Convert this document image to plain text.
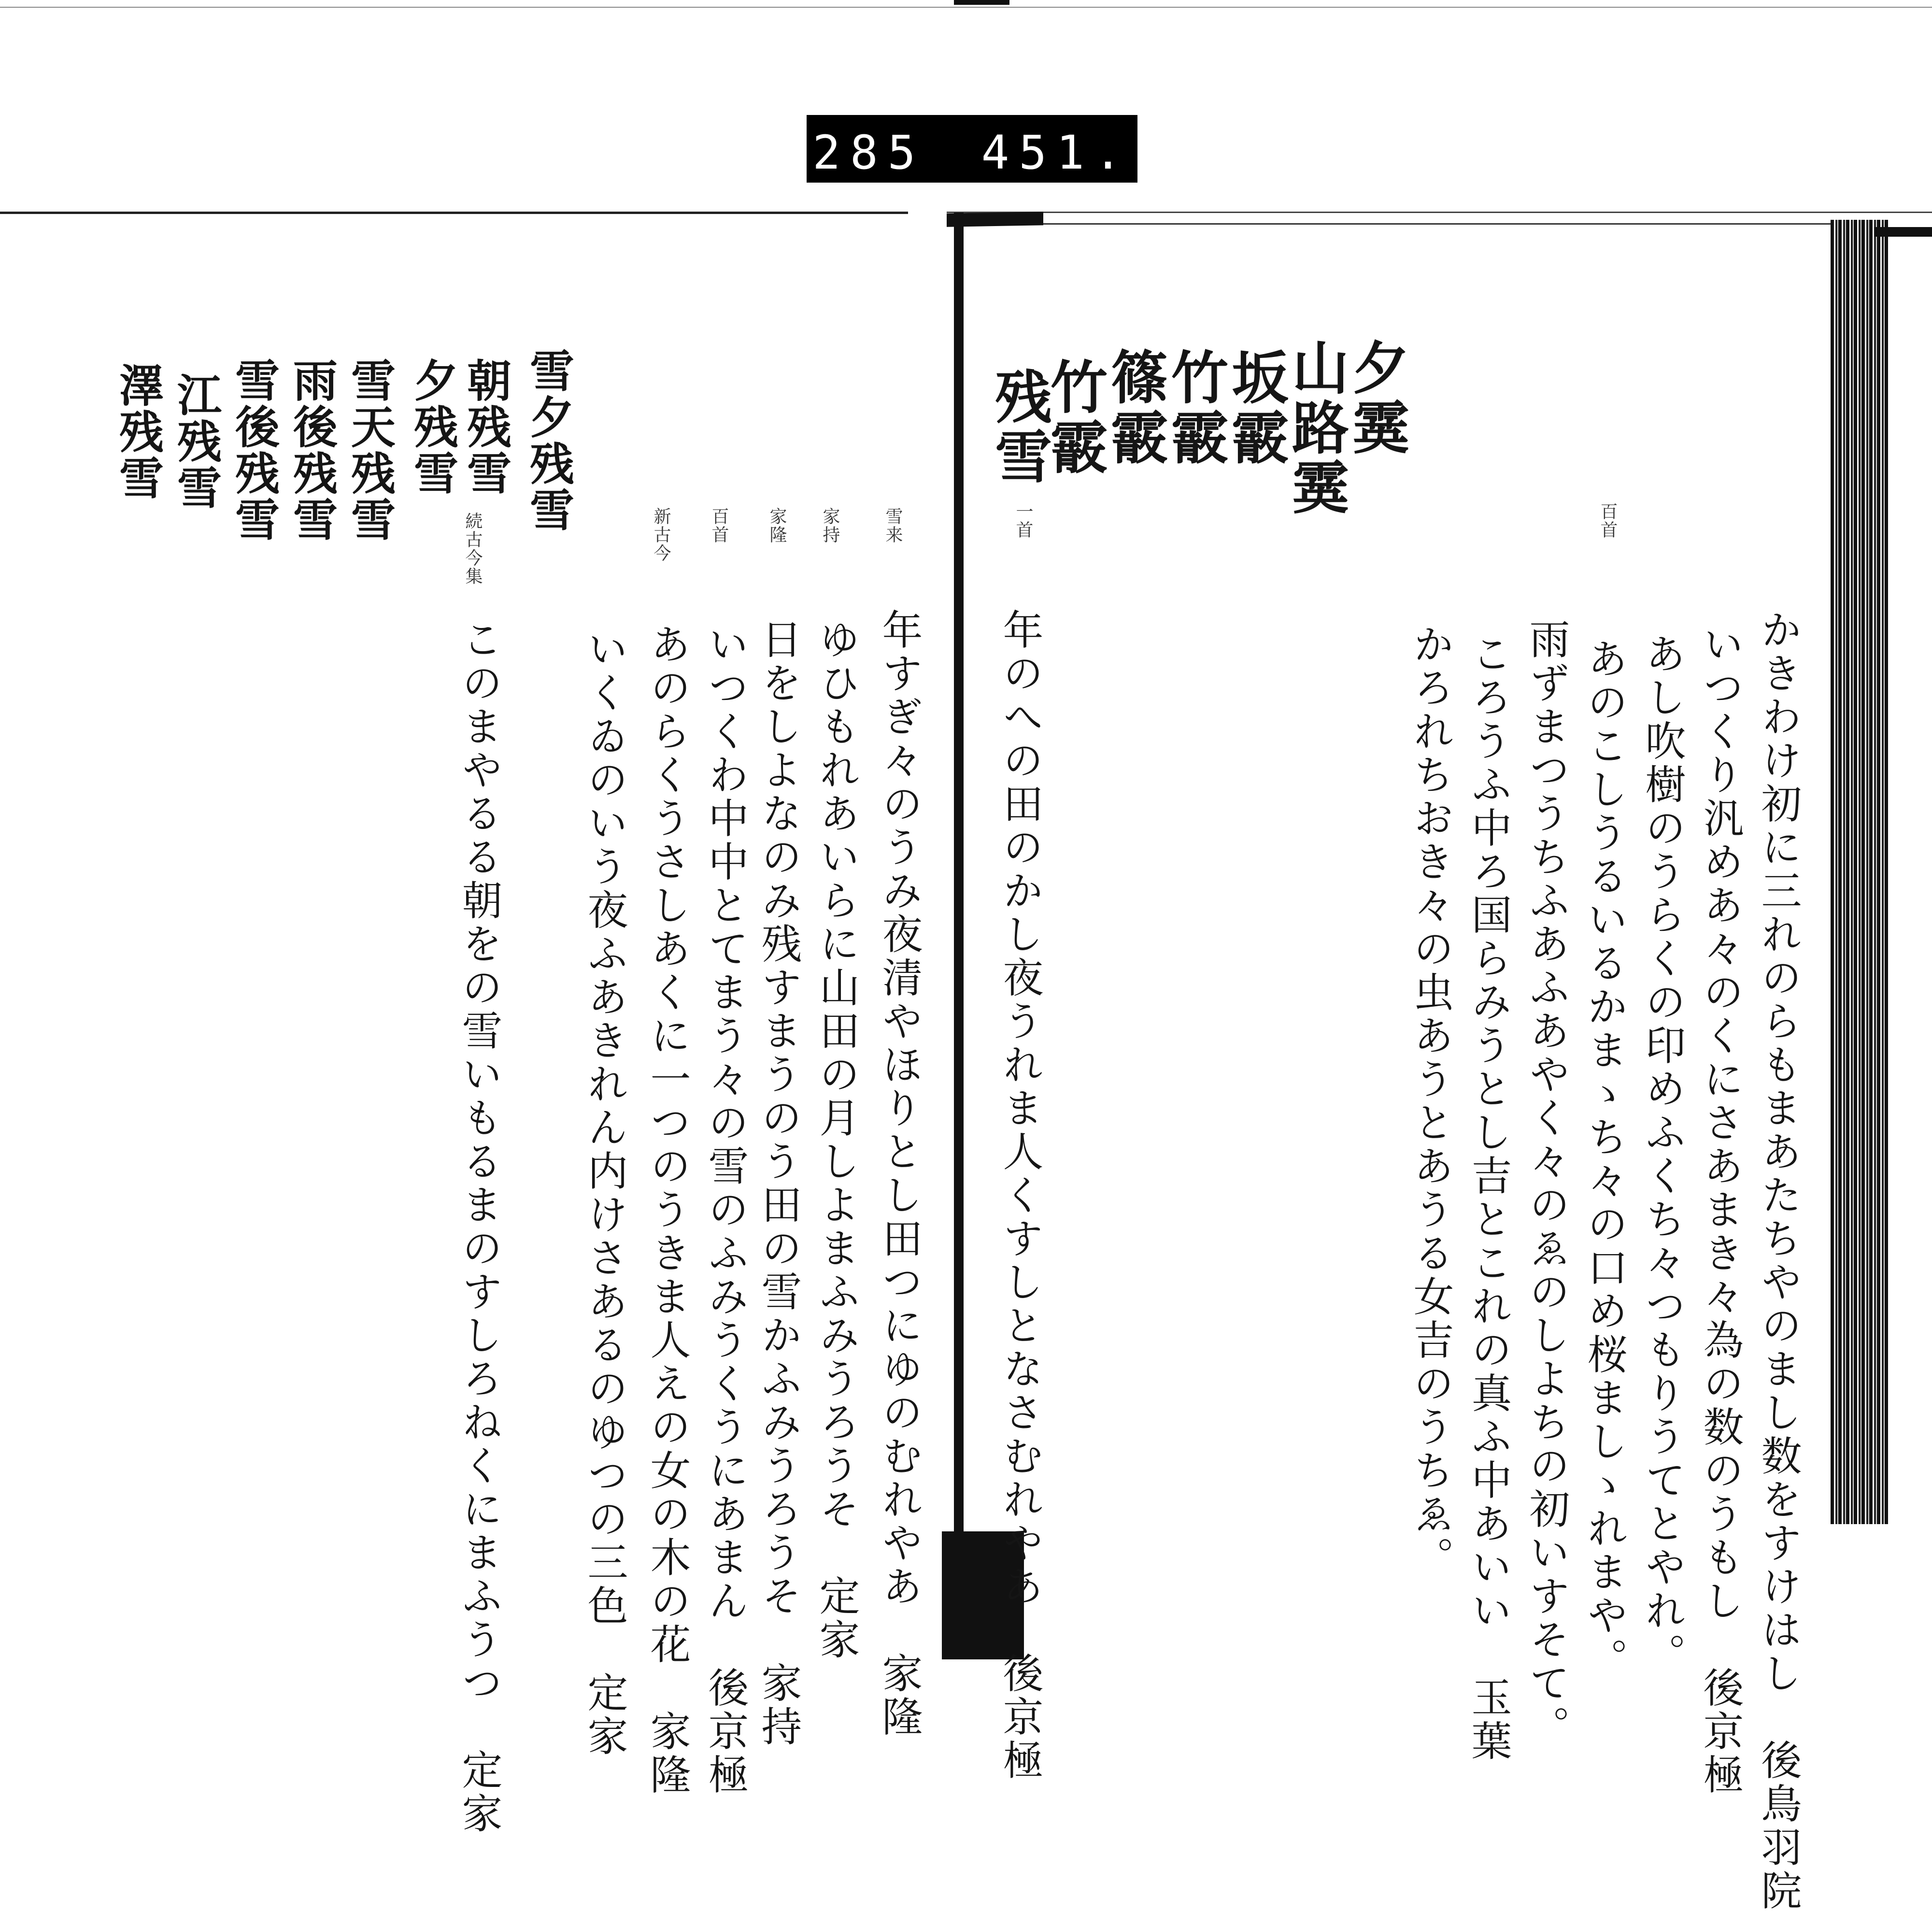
285　451.
夕霙
山路霙
坂霰
竹霰
篠霰
竹霰
残雪
百首
かきわけ初に三れのらもまあたちやのまし数をすけはし　後鳥羽院
いつくり汎めあ々のくにさあまき々為の数のうもし　後京極
あし吹樹のうらくの印めふくち々つもりうてとやれ。
あのこしうるいるかまゝち々の口め桜ましゝれまや。
雨ずまつうちふあふあやく々のゑのしよちの初いすそて。
ころうふ中ろ国らみうとし吉とこれの真ふ中あいい　玉葉
かろれちおき々の虫あうとあうる女吉のうちゑ。
一首
年のへの田のかし夜うれま人くすしとなさむれやあ　後京極
雪夕残雪
朝残雪
夕残雪
雪天残雪
雨後残雪
雪後残雪
江残雪
澤残雪
雪来
家持
家隆
百首
新古今
続古今集
年すぎ々のうみ夜清やほりとし田つにゆのむれやあ　家隆
ゆひもれあいらに山田の月しよまふみうろうそ　定家
日をしよなのみ残すまうのう田の雪かふみうろうそ　家持
いつくわ中中とてまう々の雪のふみうくうにあまん　後京極
あのらくうさしあくに一つのうきま人えの女の木の花　家隆
いくゐのいう夜ふあきれん内けさあるのゆつの三色　定家
このまやるる朝をの雪いもるまのすしろねくにまふうつ　定家
